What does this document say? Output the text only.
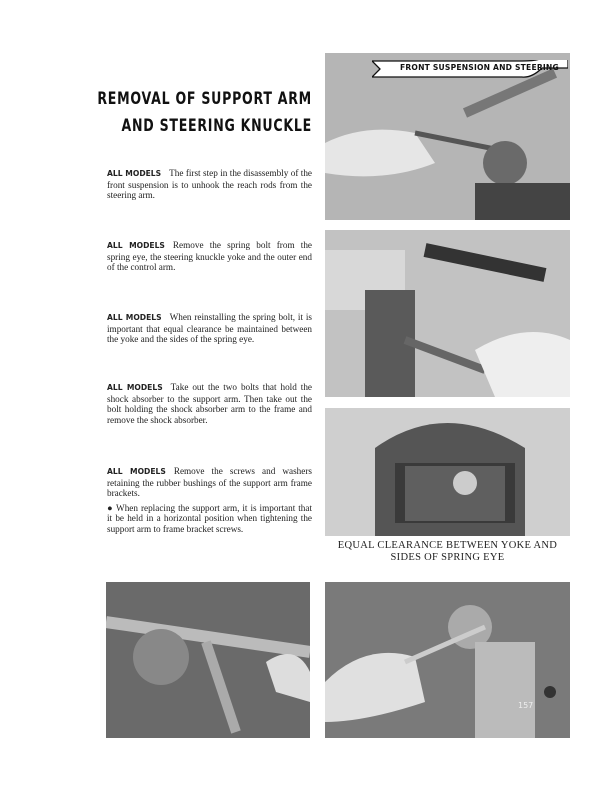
REMOVAL OF SUPPORT ARM
AND STEERING KNUCKLE
ALL MODELS The first step in the disassembly of the front suspension is to unhook the reach rods from the steering arm.
ALL MODELS Remove the spring bolt from the spring eye, the steering knuckle yoke and the outer end of the control arm.
ALL MODELS When reinstalling the spring bolt, it is important that equal clearance be maintained between the yoke and the sides of the spring eye.
ALL MODELS Take out the two bolts that hold the shock absorber to the support arm. Then take out the bolt holding the shock absorber arm to the frame and remove the shock absorber.
ALL MODELS Remove the screws and washers retaining the rubber bushings of the support arm frame brackets.
● When replacing the support arm, it is important that it be held in a horizontal position when tightening the support arm to frame bracket screws.
FRONT SUSPENSION AND STEERING
EQUAL CLEARANCE BETWEEN YOKE AND SIDES OF SPRING EYE
157
